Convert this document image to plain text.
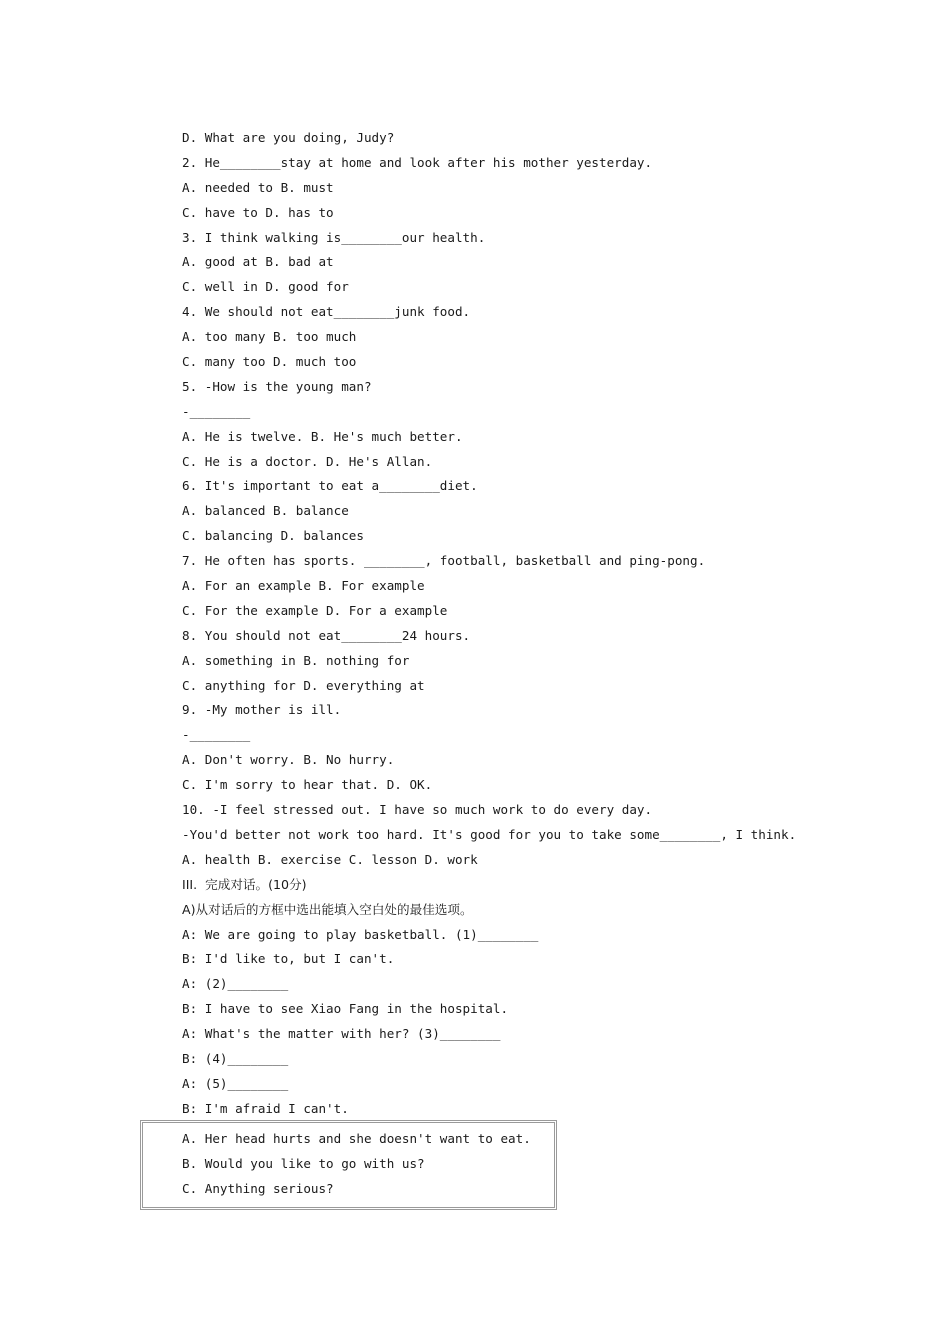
D. What are you doing, Judy?
2. He________stay at home and look after his mother yesterday.
A. needed to B. must
C. have to D. has to
3. I think walking is________our health.
A. good at B. bad at
C. well in D. good for
4. We should not eat________junk food.
A. too many B. too much
C. many too D. much too
5. -How is the young man?
-________
A. He is twelve. B. He's much better.
C. He is a doctor. D. He's Allan.
6. It's important to eat a________diet.
A. balanced B. balance
C. balancing D. balances
7. He often has sports. ________, football, basketball and ping-pong.
A. For an example B. For example
C. For the example D. For a example
8. You should not eat________24 hours.
A. something in B. nothing for
C. anything for D. everything at
9. -My mother is ill.
-________
A. Don't worry. B. No hurry.
C. I'm sorry to hear that. D. OK.
10. -I feel stressed out. I have so much work to do every day.
-You'd better not work too hard. It's good for you to take some________, I think.
A. health B. exercise C. lesson D. work
III.  完成对话。(10分)
A)从对话后的方框中选出能填入空白处的最佳选项。
A: We are going to play basketball. (1)________
B: I'd like to, but I can't.
A: (2)________
B: I have to see Xiao Fang in the hospital.
A: What's the matter with her? (3)________
B: (4)________
A: (5)________
B: I'm afraid I can't.
A. Her head hurts and she doesn't want to eat.
B. Would you like to go with us?
C. Anything serious?
